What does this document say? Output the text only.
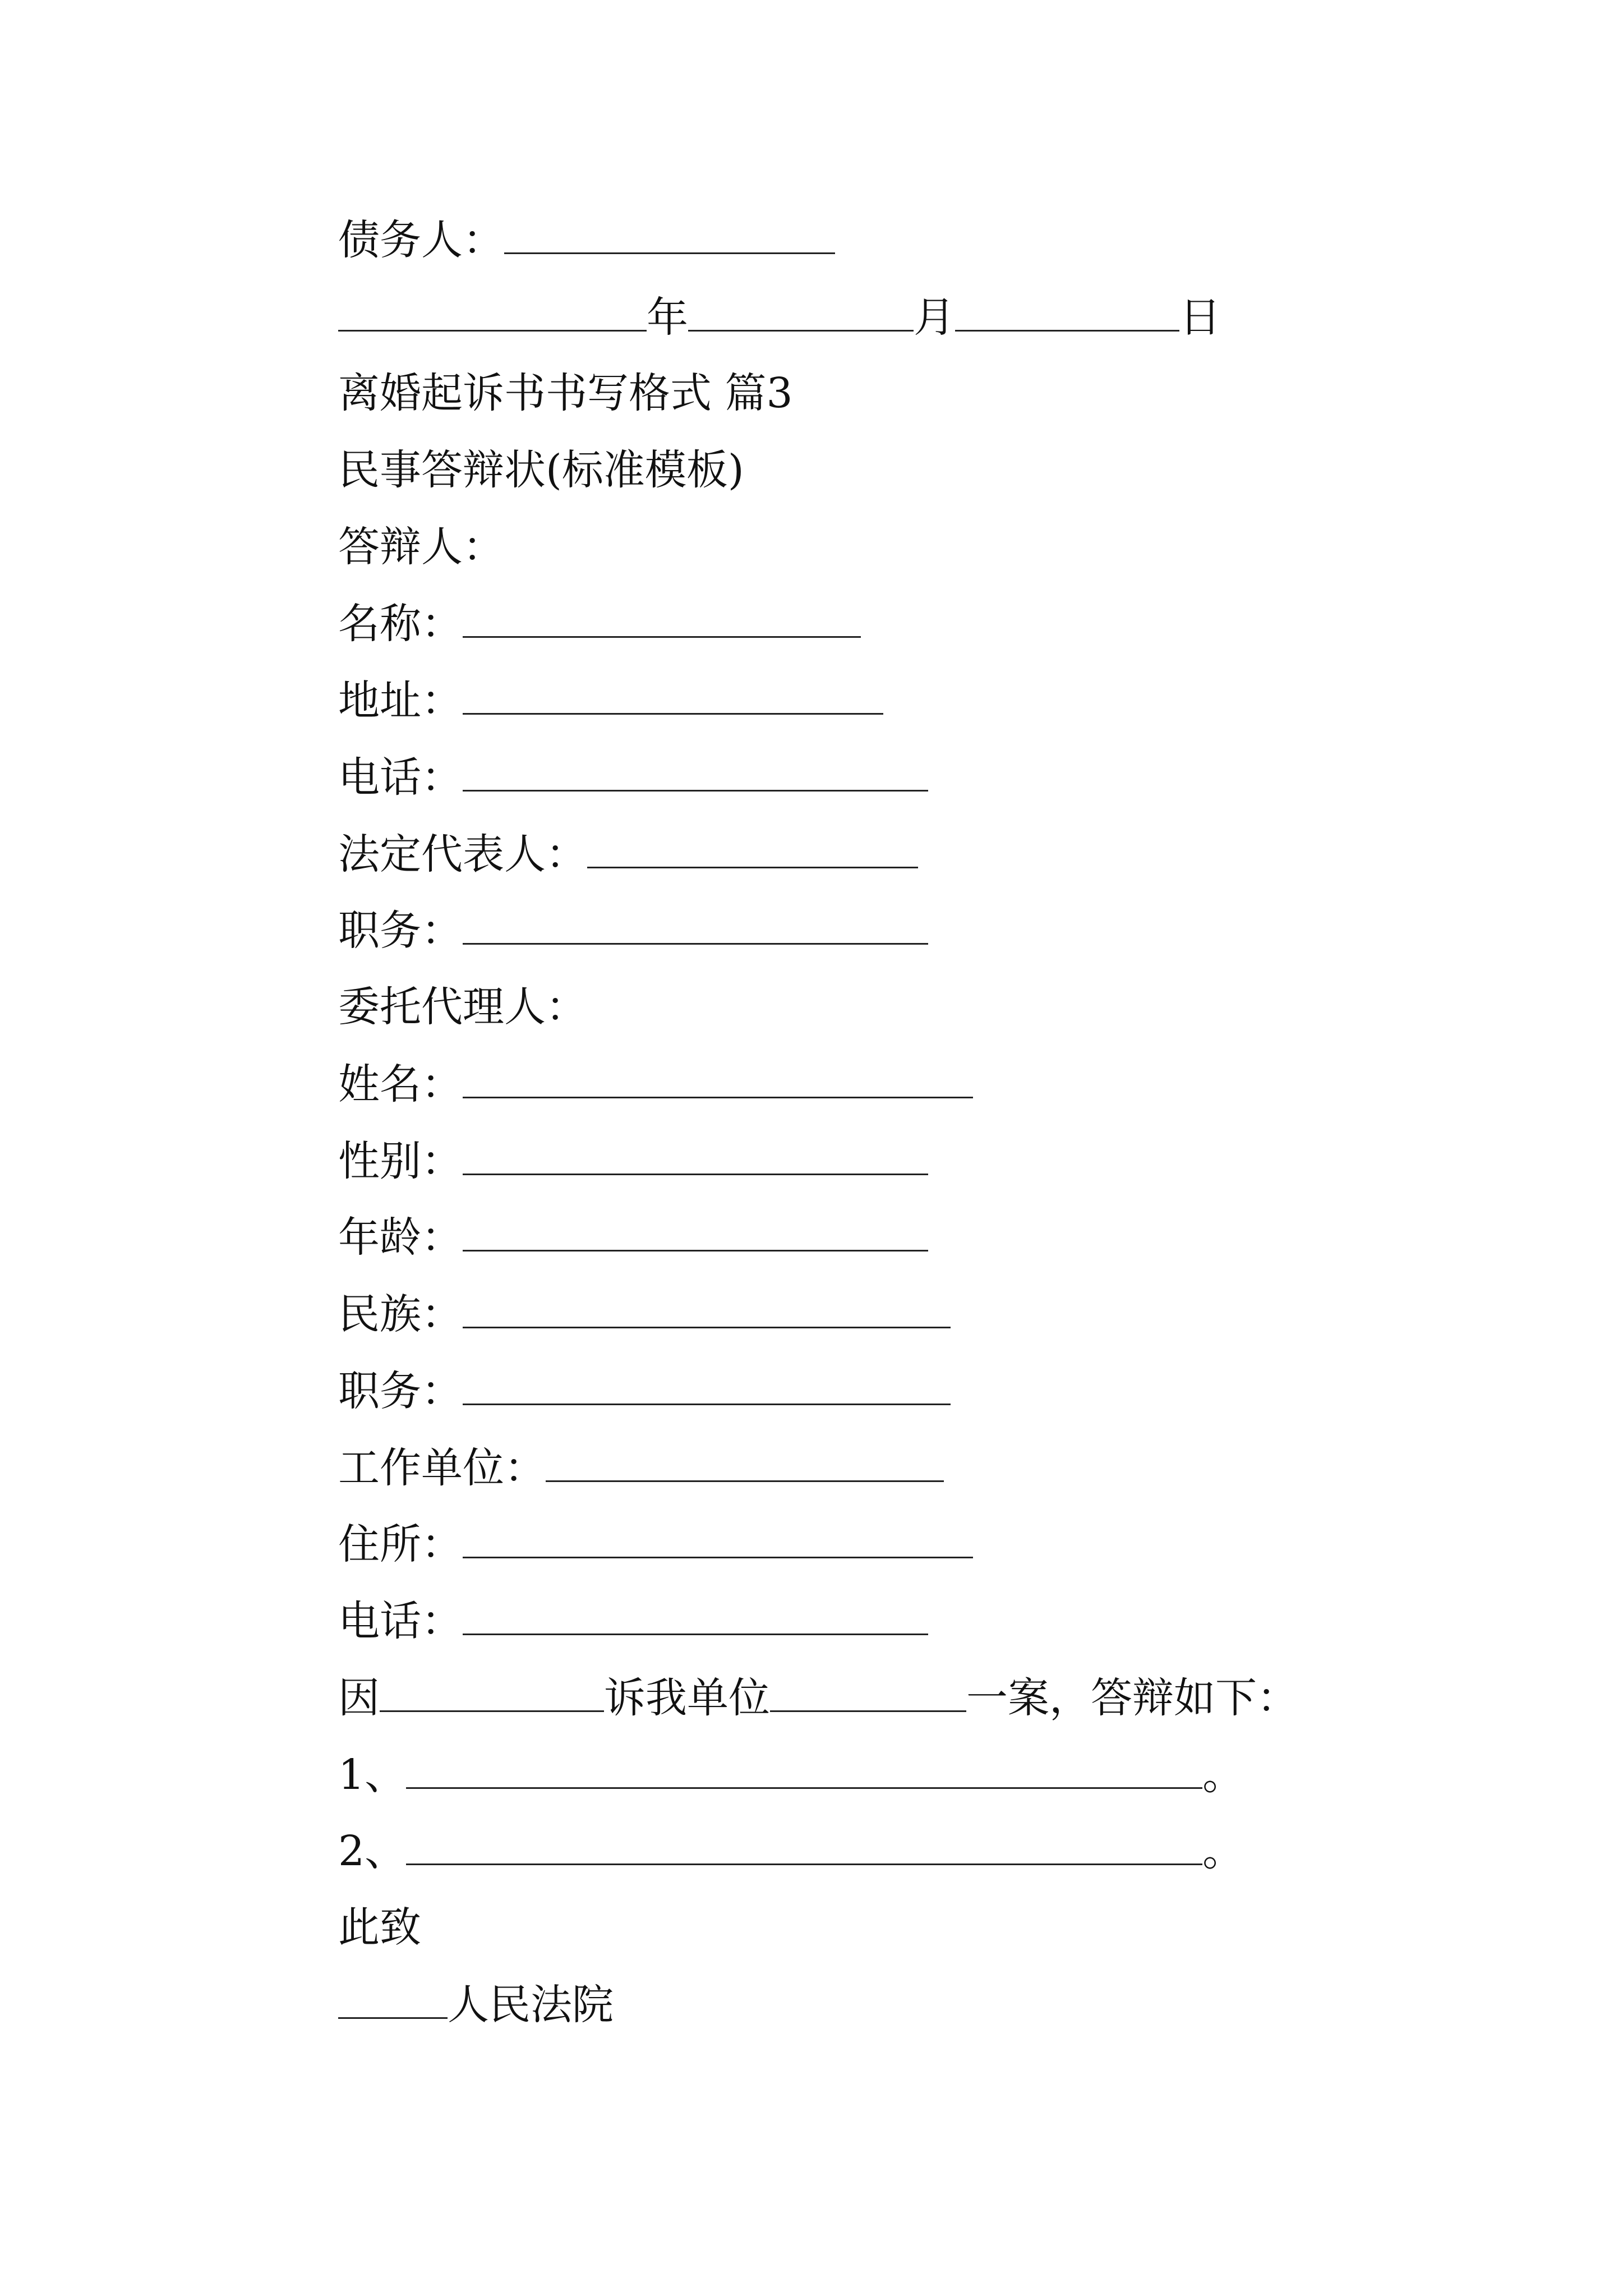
债务人：
年	月	日
离婚起诉书书写格式 篇3
民事答辩状(标准模板)
答辩人：
名称：
地址：
电话：
法定代表人：
职务：
委托代理人：
姓名：
性别：
年龄：
民族：
职务：
工作单位：
住所：
电话：
因	诉我单位	一案，答辩如下：
1、	。
2、	。
此致
人民法院
